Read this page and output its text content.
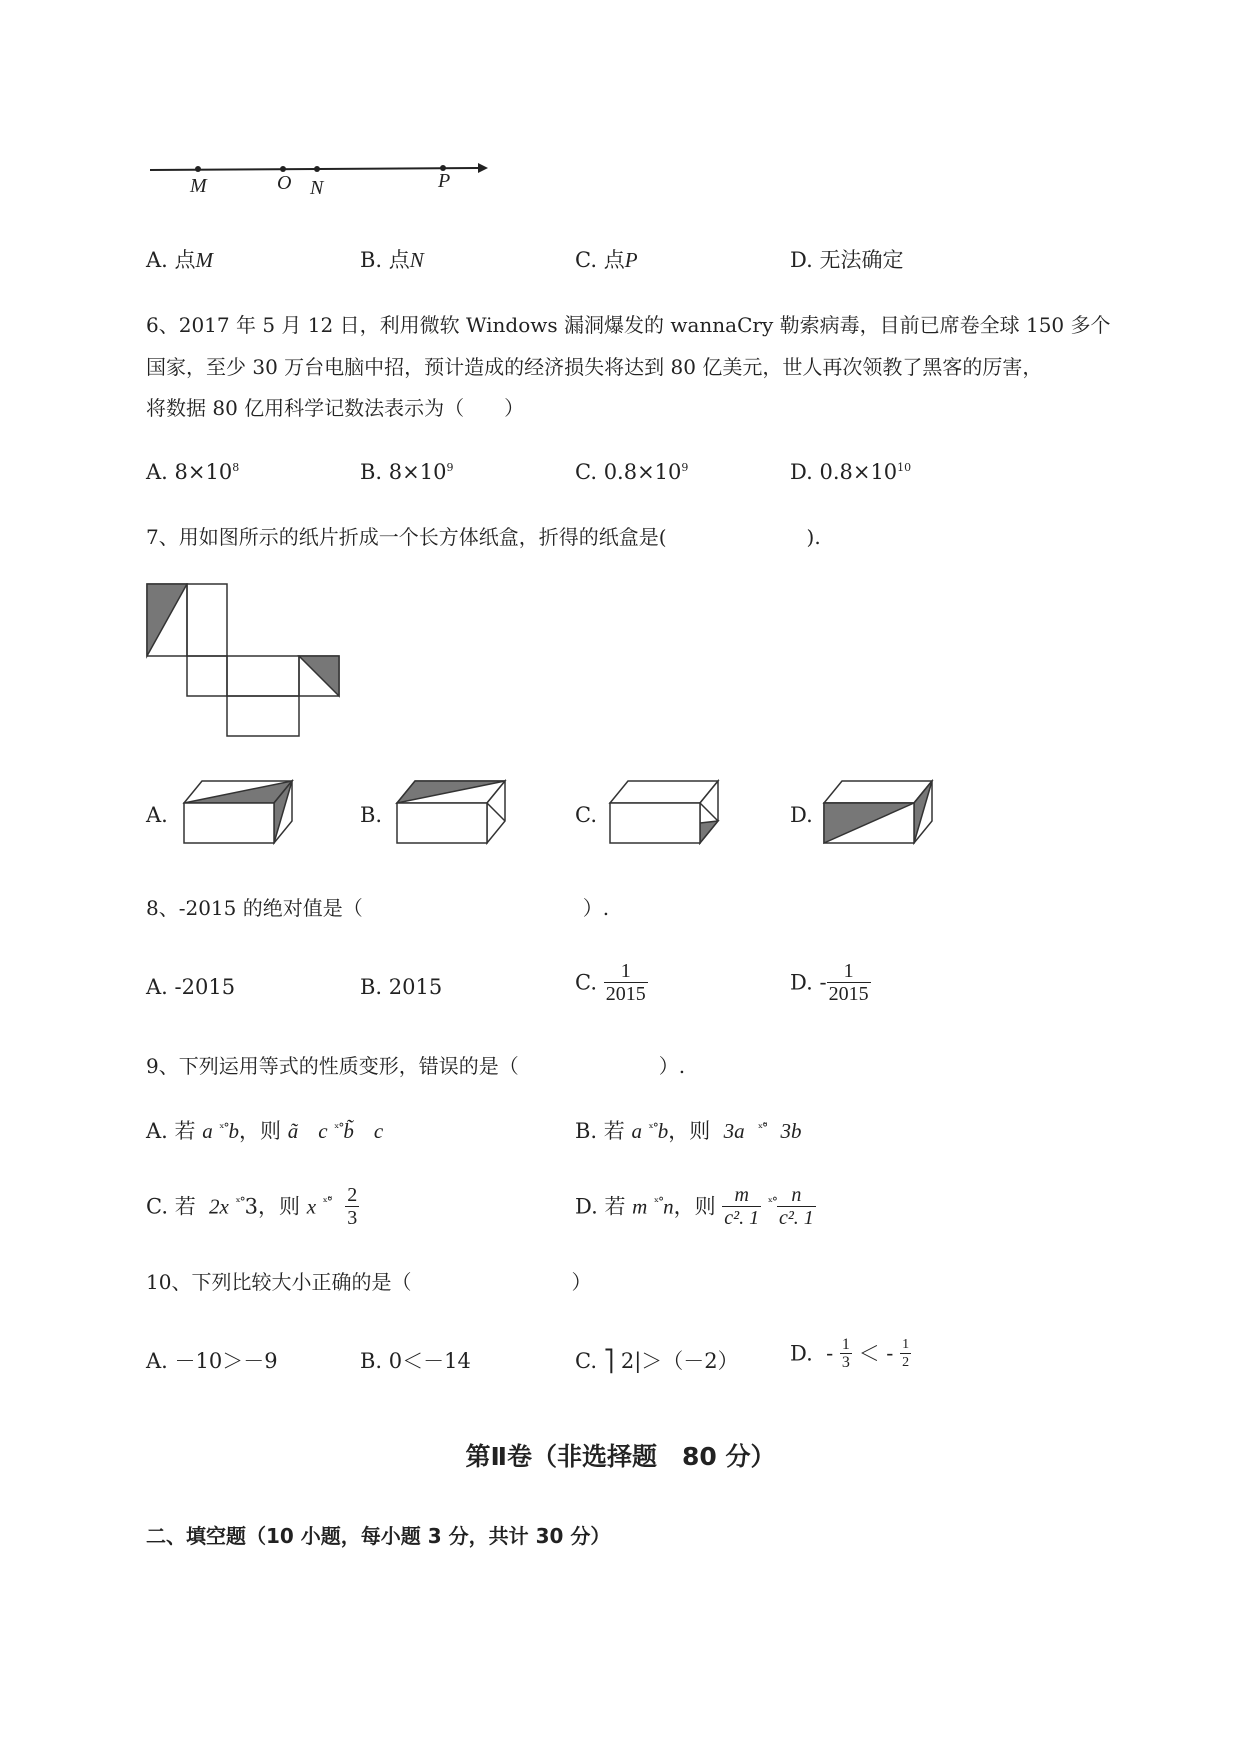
M	O N	P
A. 点M	B. 点N	C. 点P	D. 无法确定
6、2017 年 5 月 12 日，利用微软 Windows 漏洞爆发的 wannaCry 勒索病毒，目前已席卷全球 150 多个
国家，至少 30 万台电脑中招，预计造成的经济损失将达到 80 亿美元，世人再次领教了黑客的厉害，
将数据 80 亿用科学记数法表示为（　　）
A. $8\times 10^8$	B. $8\times 10^9$	C. $0.8\times 10^9$	D. $0.8\times 10^{10}$
7、用如图所示的纸片折成一个长方体纸盒，折得的纸盒是(　　　　　　　).
A.	B.	C.	D.
8、-2015 的绝对值是（　　　　　　　　　　　）.
A. -2015	B. 2015	C. $\frac{1}{2015}$	D. - $\frac{1}{2015}$
9、下列运用等式的性质变形，错误的是（　　　　　　　）.
A. 若 a $^{ˣ^\circ}$b，则 ã c $^{ˣ^\circ}$b̃ c	B. 若 a $^{ˣ^\circ}$b，则 3a $^{ˣ^\circ̃}$ 3b
C. 若 2x $^{ˣ^\circ}$3，则 x $^{ˣ^\circ̃} \frac{2}{3}$	D. 若 m $^{ˣ^\circ}$n，则 $\frac{m}{\text{c². 1}} ^{ˣ^\circ} \frac{n}{\text{c². 1}}$
10、下列比较大小正确的是（　　　　　　　　）
A. －10＞－9	B. 0＜－14	C. ⎤ 2|＞（－2） D. - $\frac{1}{3}$ ＜ - $\frac{1}{2}$
第Ⅱ卷（非选择题　80 分）
二、填空题（10 小题，每小题 3 分，共计 30 分）
